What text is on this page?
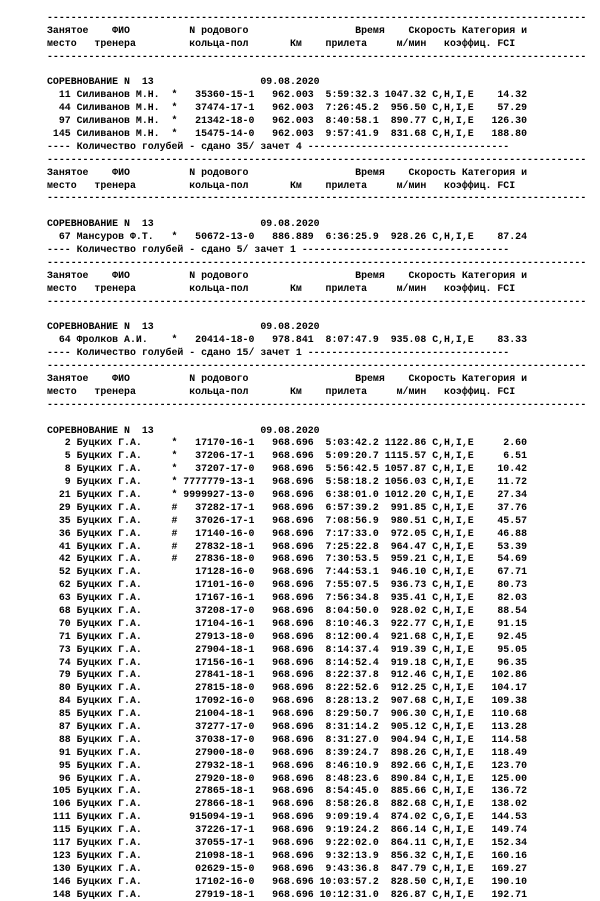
-------------------------------------------------------------------------------------------
Занятое    ФИО          N родового                  Время    Скорость Категория и
место   тренера         кольца-пол       Км    прилета     м/мин   коэффиц. FCI
-------------------------------------------------------------------------------------------
СОРЕВНОВАНИЕ N  13	09.08.2020
11 Силиванов М.Н.  *   35360-15-1   962.003  5:59:32.3 1047.32 C,H,I,E    14.32
44 Силиванов М.Н.  *   37474-17-1   962.003  7:26:45.2  956.50 C,H,I,E    57.29
97 Силиванов М.Н.  *   21342-18-0   962.003  8:40:58.1  890.77 C,H,I,E   126.30
145 Силиванов М.Н.  *   15475-14-0   962.003  9:57:41.9  831.68 C,H,I,E   188.80
---- Количество голубей - сдано 35/ зачет 4 ----------------------------------
-------------------------------------------------------------------------------------------
Занятое    ФИО          N родового                  Время    Скорость Категория и
место   тренера         кольца-пол       Км    прилета     м/мин   коэффиц. FCI
-------------------------------------------------------------------------------------------
СОРЕВНОВАНИЕ N  13	09.08.2020
67 Мансуров Ф.Т.   *   50672-13-0   886.889  6:36:25.9  928.26 C,H,I,E    87.24
---- Количество голубей - сдано 5/ зачет 1 -----------------------------------
-------------------------------------------------------------------------------------------
Занятое    ФИО          N родового                  Время    Скорость Категория и
место   тренера         кольца-пол       Км    прилета     м/мин   коэффиц. FCI
-------------------------------------------------------------------------------------------
СОРЕВНОВАНИЕ N  13	09.08.2020
64 Фролков А.И.    *   20414-18-0   978.841  8:07:47.9  935.08 C,H,I,E    83.33
---- Количество голубей - сдано 15/ зачет 1 ----------------------------------
-------------------------------------------------------------------------------------------
Занятое    ФИО          N родового                  Время    Скорость Категория и
место   тренера         кольца-пол       Км    прилета     м/мин   коэффиц. FCI
-------------------------------------------------------------------------------------------
СОРЕВНОВАНИЕ N  13	09.08.2020
2 Буцких Г.А.     *   17170-16-1   968.696  5:03:42.2 1122.86 C,H,I,E     2.60
5 Буцких Г.А.     *   37206-17-1   968.696  5:09:20.7 1115.57 C,H,I,E     6.51
8 Буцких Г.А.     *   37207-17-0   968.696  5:56:42.5 1057.87 C,H,I,E    10.42
9 Буцких Г.А.     * 7777779-13-1   968.696  5:58:18.2 1056.03 C,H,I,E    11.72
21 Буцких Г.А.     * 9999927-13-0   968.696  6:38:01.0 1012.20 C,H,I,E    27.34
29 Буцких Г.А.     #   37282-17-1   968.696  6:57:39.2  991.85 C,H,I,E    37.76
35 Буцких Г.А.     #   37026-17-1   968.696  7:08:56.9  980.51 C,H,I,E    45.57
36 Буцких Г.А.     #   17140-16-0   968.696  7:17:33.0  972.05 C,H,I,E    46.88
41 Буцких Г.А.     #   27832-18-1   968.696  7:25:22.8  964.47 C,H,I,E    53.39
42 Буцких Г.А.     #   27836-18-0   968.696  7:30:53.5  959.21 C,H,I,E    54.69
52 Буцких Г.А.         17128-16-0   968.696  7:44:53.1  946.10 C,H,I,E    67.71
62 Буцких Г.А.         17101-16-0   968.696  7:55:07.5  936.73 C,H,I,E    80.73
63 Буцких Г.А.         17167-16-1   968.696  7:56:34.8  935.41 C,H,I,E    82.03
68 Буцких Г.А.         37208-17-0   968.696  8:04:50.0  928.02 C,H,I,E    88.54
70 Буцких Г.А.         17104-16-1   968.696  8:10:46.3  922.77 C,H,I,E    91.15
71 Буцких Г.А.         27913-18-0   968.696  8:12:00.4  921.68 C,H,I,E    92.45
73 Буцких Г.А.         27904-18-1   968.696  8:14:37.4  919.39 C,H,I,E    95.05
74 Буцких Г.А.         17156-16-1   968.696  8:14:52.4  919.18 C,H,I,E    96.35
79 Буцких Г.А.         27841-18-1   968.696  8:22:37.8  912.46 C,H,I,E   102.86
80 Буцких Г.А.         27815-18-0   968.696  8:22:52.6  912.25 C,H,I,E   104.17
84 Буцких Г.А.         17092-16-0   968.696  8:28:13.2  907.68 C,H,I,E   109.38
85 Буцких Г.А.         21004-18-1   968.696  8:29:50.7  906.30 C,H,I,E   110.68
87 Буцких Г.А.         37277-17-0   968.696  8:31:14.2  905.12 C,H,I,E   113.28
88 Буцких Г.А.         37038-17-0   968.696  8:31:27.0  904.94 C,H,I,E   114.58
91 Буцких Г.А.         27900-18-0   968.696  8:39:24.7  898.26 C,H,I,E   118.49
95 Буцких Г.А.         27932-18-1   968.696  8:46:10.9  892.66 C,H,I,E   123.70
96 Буцких Г.А.         27920-18-0   968.696  8:48:23.6  890.84 C,H,I,E   125.00
105 Буцких Г.А.         27865-18-1   968.696  8:54:45.0  885.66 C,H,I,E   136.72
106 Буцких Г.А.         27866-18-1   968.696  8:58:26.8  882.68 C,H,I,E   138.02
111 Буцких Г.А.        915094-19-1   968.696  9:09:19.4  874.02 C,G,I,E   144.53
115 Буцких Г.А.         37226-17-1   968.696  9:19:24.2  866.14 C,H,I,E   149.74
117 Буцких Г.А.         37055-17-1   968.696  9:22:02.0  864.11 C,H,I,E   152.34
123 Буцких Г.А.         21098-18-1   968.696  9:32:13.9  856.32 C,H,I,E   160.16
130 Буцких Г.А.         02629-15-0   968.696  9:43:36.8  847.79 C,H,I,E   169.27
146 Буцких Г.А.         17102-16-0   968.696 10:03:57.2  828.50 C,H,I,E   190.10
148 Буцких Г.А.         27919-18-1   968.696 10:12:31.0  826.87 C,H,I,E   192.71
